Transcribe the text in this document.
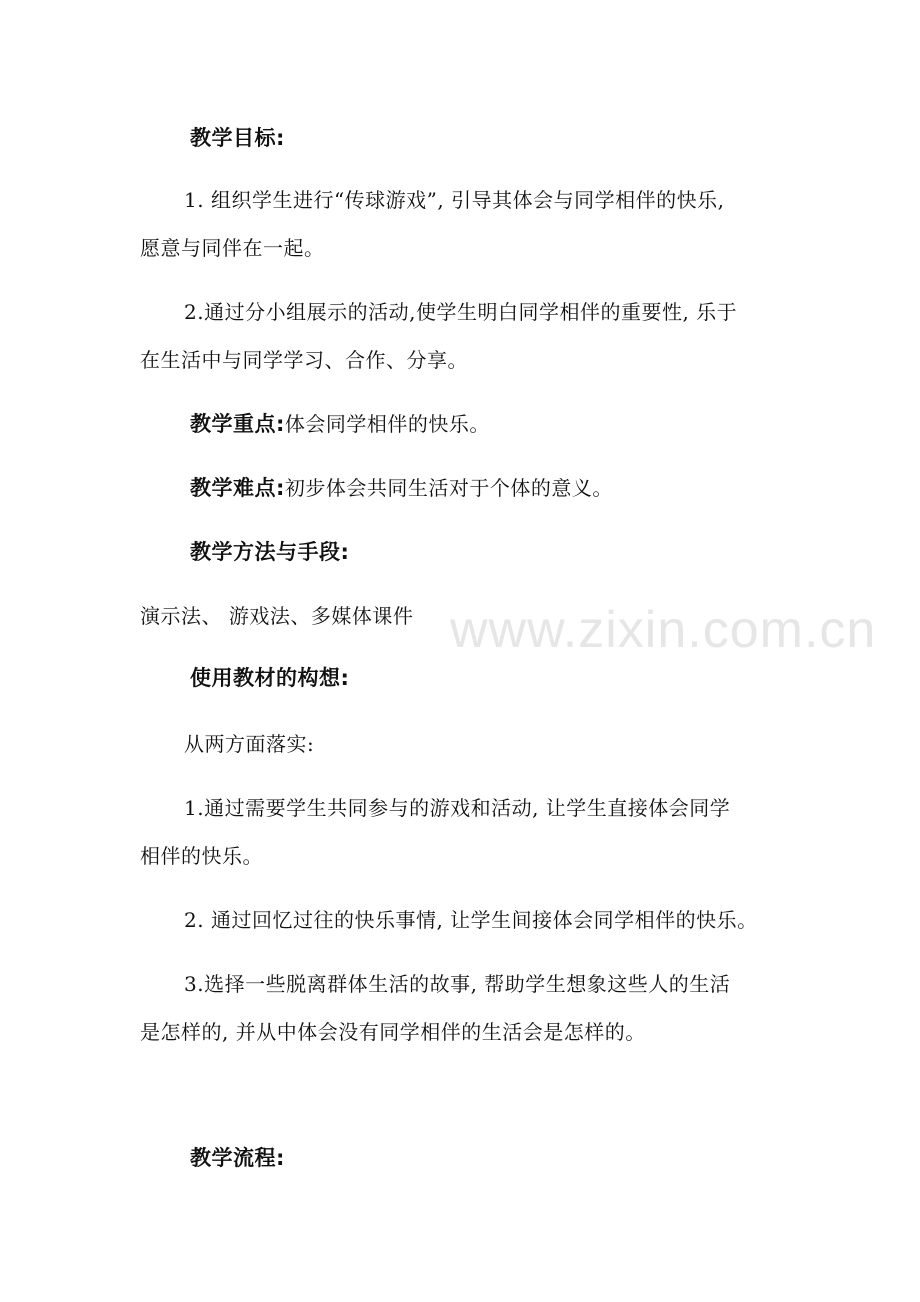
教学目标:
1. 组织学生进行“传球游戏”, 引导其体会与同学相伴的快乐,
愿意与同伴在一起。
2.通过分小组展示的活动,使学生明白同学相伴的重要性, 乐于
在生活中与同学学习、合作、分享。
教学重点:体会同学相伴的快乐。
教学难点:初步体会共同生活对于个体的意义。
教学方法与手段:
演示法、 游戏法、多媒体课件
使用教材的构想:
从两方面落实:
1.通过需要学生共同参与的游戏和活动, 让学生直接体会同学
相伴的快乐。
2. 通过回忆过往的快乐事情, 让学生间接体会同学相伴的快乐。
3.选择一些脱离群体生活的故事, 帮助学生想象这些人的生活
是怎样的, 并从中体会没有同学相伴的生活会是怎样的。
教学流程:
www.zixin.com.cn
